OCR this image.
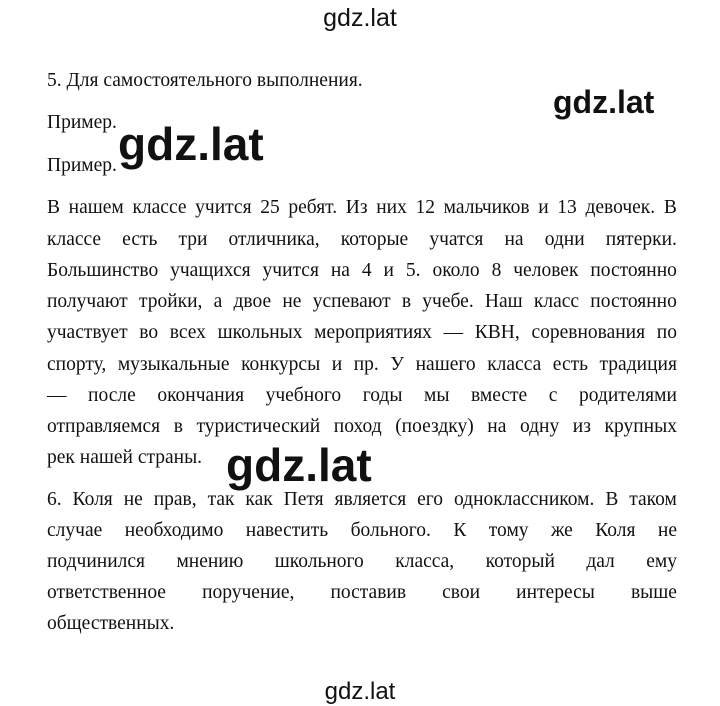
gdz.lat
5. Для самостоятельного выполнения.
Пример.
Пример.
gdz.lat
gdz.lat
В нашем классе учится 25 ребят. Из них 12 мальчиков и 13 девочек. В
классе есть три отличника, которые учатся на одни пятерки.
Большинство учащихся учится на 4 и 5. около 8 человек постоянно
получают тройки, а двое не успевают в учебе. Наш класс постоянно
участвует во всех школьных мероприятиях — КВН, соревнования по
спорту, музыкальные конкурсы и пр. У нашего класса есть традиция
— после окончания учебного годы мы вместе с родителями
отправляемся в туристический поход (поездку) на одну из крупных
рек нашей страны. gdz.lat
6. Коля не прав, так как Петя является его одноклассником. В таком
случае необходимо навестить больного. К тому же Коля не
подчинился мнению школьного класса, который дал ему
ответственное поручение, поставив свои интересы выше
общественных.
gdz.lat
